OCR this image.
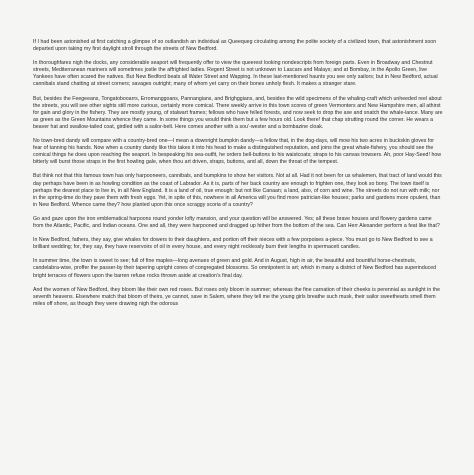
If I had been astonished at first catching a glimpse of so outlandish an individual as Queequeg circulating among the polite society of a civilized town, that astonishment soon departed upon taking my first daylight stroll through the streets of New Bedford.

In thoroughfares nigh the docks, any considerable seaport will frequently offer to view the queerest looking nondescripts from foreign parts. Even in Broadway and Chestnut streets, Mediterranean mariners will sometimes jostle the affrighted ladies. Regent Street is not unknown to Lascars and Malays; and at Bombay, in the Apollo Green, live Yankees have often scared the natives. But New Bedford beats all Water Street and Wapping. In these last-mentioned haunts you see only sailors; but in New Bedford, actual cannibals stand chatting at street corners; savages outright; many of whom yet carry on their bones unholy flesh. It makes a stranger stare.

But, besides the Feegeeans, Tongatobooarrs, Erromanggoans, Pannangians, and Brighggians, and, besides the wild specimens of the whaling-craft which unheeded reel about the streets, you will see other sights still more curious, certainly more comical. There weekly arrive in this town scores of green Vermonters and New Hampshire men, all athirst for gain and glory in the fishery. They are mostly young, of stalwart frames; fellows who have felled forests, and now seek to drop the axe and snatch the whale-lance. Many are as green as the Green Mountains whence they came. In some things you would think them but a few hours old. Look there! that chap strutting round the corner. He wears a beaver hat and swallow-tailed coat, girdled with a sailor-belt. Here comes another with a sou’-wester and a bombazine cloak.

No town-bred dandy will compare with a country-bred one—I mean a downright bumpkin dandy—a fellow that, in the dog-days, will mow his two acres in buckskin gloves for fear of tanning his hands. Now when a country dandy like this takes it into his head to make a distinguished reputation, and joins the great whale-fishery, you should see the comical things he does upon reaching the seaport. In bespeaking his sea-outfit, he orders bell-buttons to his waistcoats; straps to his canvas trowsers. Ah, poor Hay-Seed! how bitterly will burst those straps in the first howling gale, when thou art driven, straps, buttons, and all, down the throat of the tempest.

But think not that this famous town has only harpooneers, cannibals, and bumpkins to show her visitors. Not at all. Had it not been for us whalemen, that tract of land would this day perhaps have been in as howling condition as the coast of Labrador. As it is, parts of her back country are enough to frighten one, they look so bony. The town itself is perhaps the dearest place to live in, in all New England. It is a land of oil, true enough: but not like Canaan; a land, also, of corn and wine. The streets do not run with milk; nor in the spring-time do they pave them with fresh eggs. Yet, in spite of this, nowhere in all America will you find more patrician-like houses; parks and gardens more opulent, than in New Bedford. Whence came they? how planted upon this once scraggy scoria of a country?

Go and gaze upon the iron emblematical harpoons round yonder lofty mansion, and your question will be answered. Yes; all these brave houses and flowery gardens came from the Atlantic, Pacific, and Indian oceans. One and all, they were harpooned and dragged up hither from the bottom of the sea. Can Herr Alexander perform a feat like that?

In New Bedford, fathers, they say, give whales for dowers to their daughters, and portion off their nieces with a few porpoises a-piece. You must go to New Bedford to see a brilliant wedding; for, they say, they have reservoirs of oil in every house, and every night recklessly burn their lengths in spermaceti candles.

In summer time, the town is sweet to see; full of fine maples—long avenues of green and gold. And in August, high in air, the beautiful and bountiful horse-chestnuts, candelabra-wise, proffer the passer-by their tapering upright cones of congregated blossoms. So omnipotent is art; which in many a district of New Bedford has superinduced bright terraces of flowers upon the barren refuse rocks thrown aside at creation’s final day.

And the women of New Bedford, they bloom like their own red roses. But roses only bloom in summer; whereas the fine carnation of their cheeks is perennial as sunlight in the seventh heavens. Elsewhere match that bloom of theirs, ye cannot, save in Salem, where they tell me the young girls breathe such musk, their sailor sweethearts smell them miles off shore, as though they were drawing nigh the odorous
